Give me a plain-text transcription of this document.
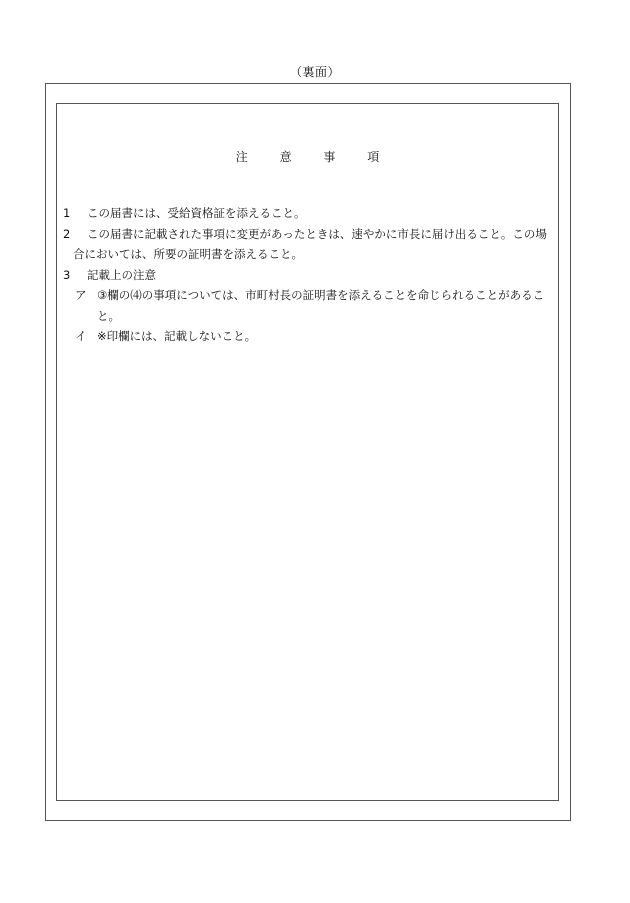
（裏面）
注	意	事	項
1	この届書には、受給資格証を添えること。
2	この届書に記載された事項に変更があったときは、速やかに市長に届け出ること。この場合においては、所要の証明書を添えること。
3	記載上の注意
ア ③欄の⑷の事項については、市町村長の証明書を添えることを命じられることがあること。
イ ※印欄には、記載しないこと。
